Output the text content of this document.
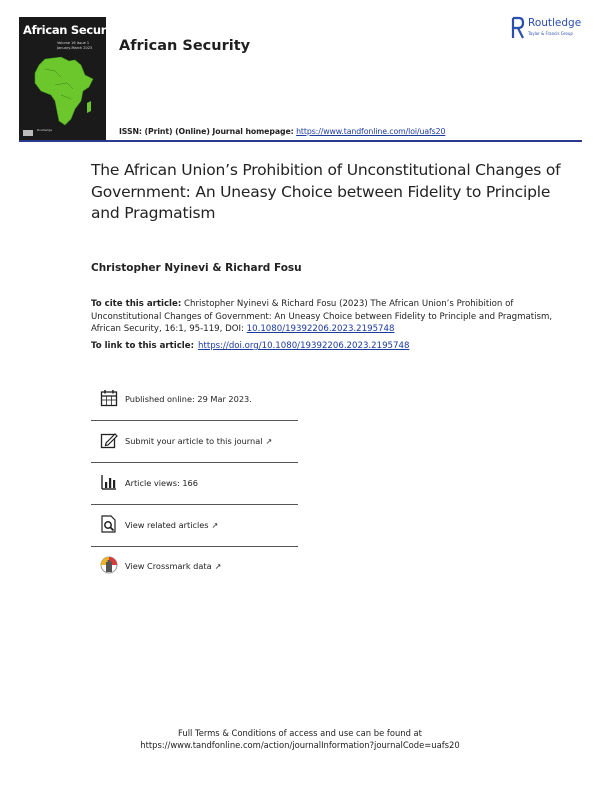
African Security
Volume 16 Issue 1
January-March 2023
Routledge
African Security
Routledge
Taylor & Francis Group
ISSN: (Print) (Online) Journal homepage: https://www.tandfonline.com/loi/uafs20
The African Union’s Prohibition of Unconstitutional Changes of Government: An Uneasy Choice between Fidelity to Principle and Pragmatism
Christopher Nyinevi & Richard Fosu
To cite this article: Christopher Nyinevi & Richard Fosu (2023) The African Union’s Prohibition of Unconstitutional Changes of Government: An Uneasy Choice between Fidelity to Principle and Pragmatism, African Security, 16:1, 95-119, DOI: 10.1080/19392206.2023.2195748
To link to this article: https://doi.org/10.1080/19392206.2023.2195748
Published online: 29 Mar 2023.
Submit your article to this journal ↗
Article views: 166
View related articles ↗
View Crossmark data ↗
Full Terms & Conditions of access and use can be found at
https://www.tandfonline.com/action/journalInformation?journalCode=uafs20
